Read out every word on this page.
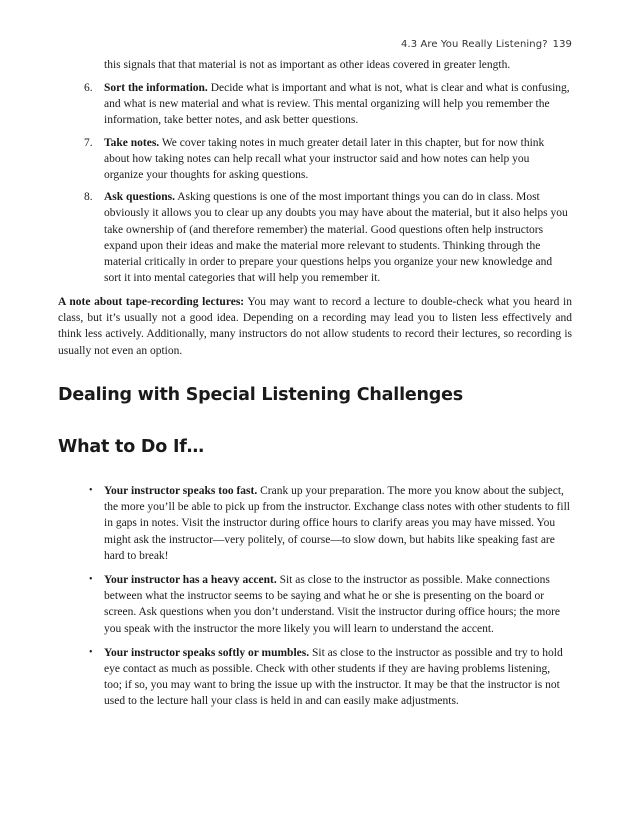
4.3 Are You Really Listening? 139
this signals that that material is not as important as other ideas covered in greater length.
6. Sort the information. Decide what is important and what is not, what is clear and what is confusing, and what is new material and what is review. This mental organizing will help you remember the information, take better notes, and ask better questions.
7. Take notes. We cover taking notes in much greater detail later in this chapter, but for now think about how taking notes can help recall what your instructor said and how notes can help you organize your thoughts for asking questions.
8. Ask questions. Asking questions is one of the most important things you can do in class. Most obviously it allows you to clear up any doubts you may have about the material, but it also helps you take ownership of (and therefore remember) the material. Good questions often help instructors expand upon their ideas and make the material more relevant to students. Thinking through the material critically in order to prepare your questions helps you organize your new knowledge and sort it into mental categories that will help you remember it.

A note about tape-recording lectures: You may want to record a lecture to double-check what you heard in class, but it’s usually not a good idea. Depending on a recording may lead you to listen less effectively and think less actively. Additionally, many instructors do not allow students to record their lectures, so recording is usually not even an option.

Dealing with Special Listening Challenges
What to Do If…
• Your instructor speaks too fast. Crank up your preparation. The more you know about the subject, the more you’ll be able to pick up from the instructor. Exchange class notes with other students to fill in gaps in notes. Visit the instructor during office hours to clarify areas you may have missed. You might ask the instructor—very politely, of course—to slow down, but habits like speaking fast are hard to break!
• Your instructor has a heavy accent. Sit as close to the instructor as possible. Make connections between what the instructor seems to be saying and what he or she is presenting on the board or screen. Ask questions when you don’t understand. Visit the instructor during office hours; the more you speak with the instructor the more likely you will learn to understand the accent.
• Your instructor speaks softly or mumbles. Sit as close to the instructor as possible and try to hold eye contact as much as possible. Check with other students if they are having problems listening, too; if so, you may want to bring the issue up with the instructor. It may be that the instructor is not used to the lecture hall your class is held in and can easily make adjustments.
